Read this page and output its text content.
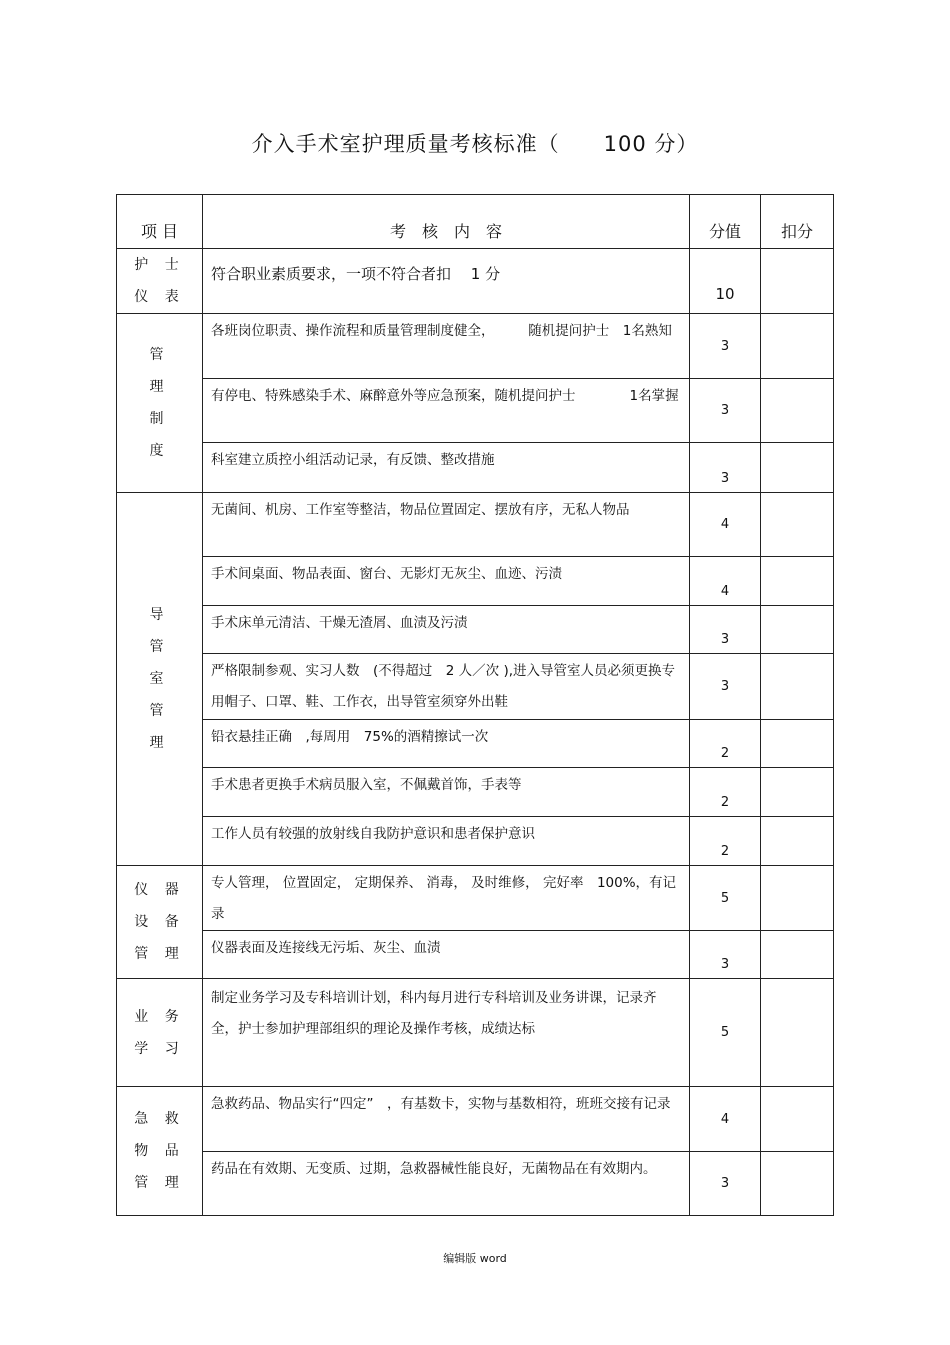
介入手术室护理质量考核标准（ 100 分）
项 目	考　核　内　容	分值	扣分

护 士
仪 表	符合职业素质要求，一项不符合者扣　 1 分	10	

管
理
制
度	各班岗位职责、操作流程和质量管理制度健全，　　　随机提问护士　1名熟知	3	
	有停电、特殊感染手术、麻醉意外等应急预案，随机提问护士　　　　1名掌握	3	
	科室建立质控小组活动记录，有反馈、整改措施	3	

导
管
室
管
理	无菌间、机房、工作室等整洁，物品位置固定、摆放有序，无私人物品	4	
	手术间桌面、物品表面、窗台、无影灯无灰尘、血迹、污渍	4	
	手术床单元清洁、干燥无渣屑、血渍及污渍	3	
	严格限制参观、实习人数　(不得超过　2 人／次 ),进入导管室人员必须更换专用帽子、口罩、鞋、工作衣，出导管室须穿外出鞋	3	
	铅衣悬挂正确　,每周用　75%的酒精擦试一次	2	
	手术患者更换手术病员服入室，不佩戴首饰，手表等	2	
	工作人员有较强的放射线自我防护意识和患者保护意识	2	

仪 器
设 备
管 理	专人管理， 位置固定， 定期保养、 消毒， 及时维修， 完好率　100%，有记录	5	
	仪器表面及连接线无污垢、灰尘、血渍	3	

业 务
学 习	制定业务学习及专科培训计划，科内每月进行专科培训及业务讲课，记录齐全，护士参加护理部组织的理论及操作考核，成绩达标	5	

急 救
物 品
管 理	急救药品、物品实行“四定”　，有基数卡，实物与基数相符，班班交接有记录	4	
	药品在有效期、无变质、过期，急救器械性能良好，无菌物品在有效期内。	3	
编辑版 word
